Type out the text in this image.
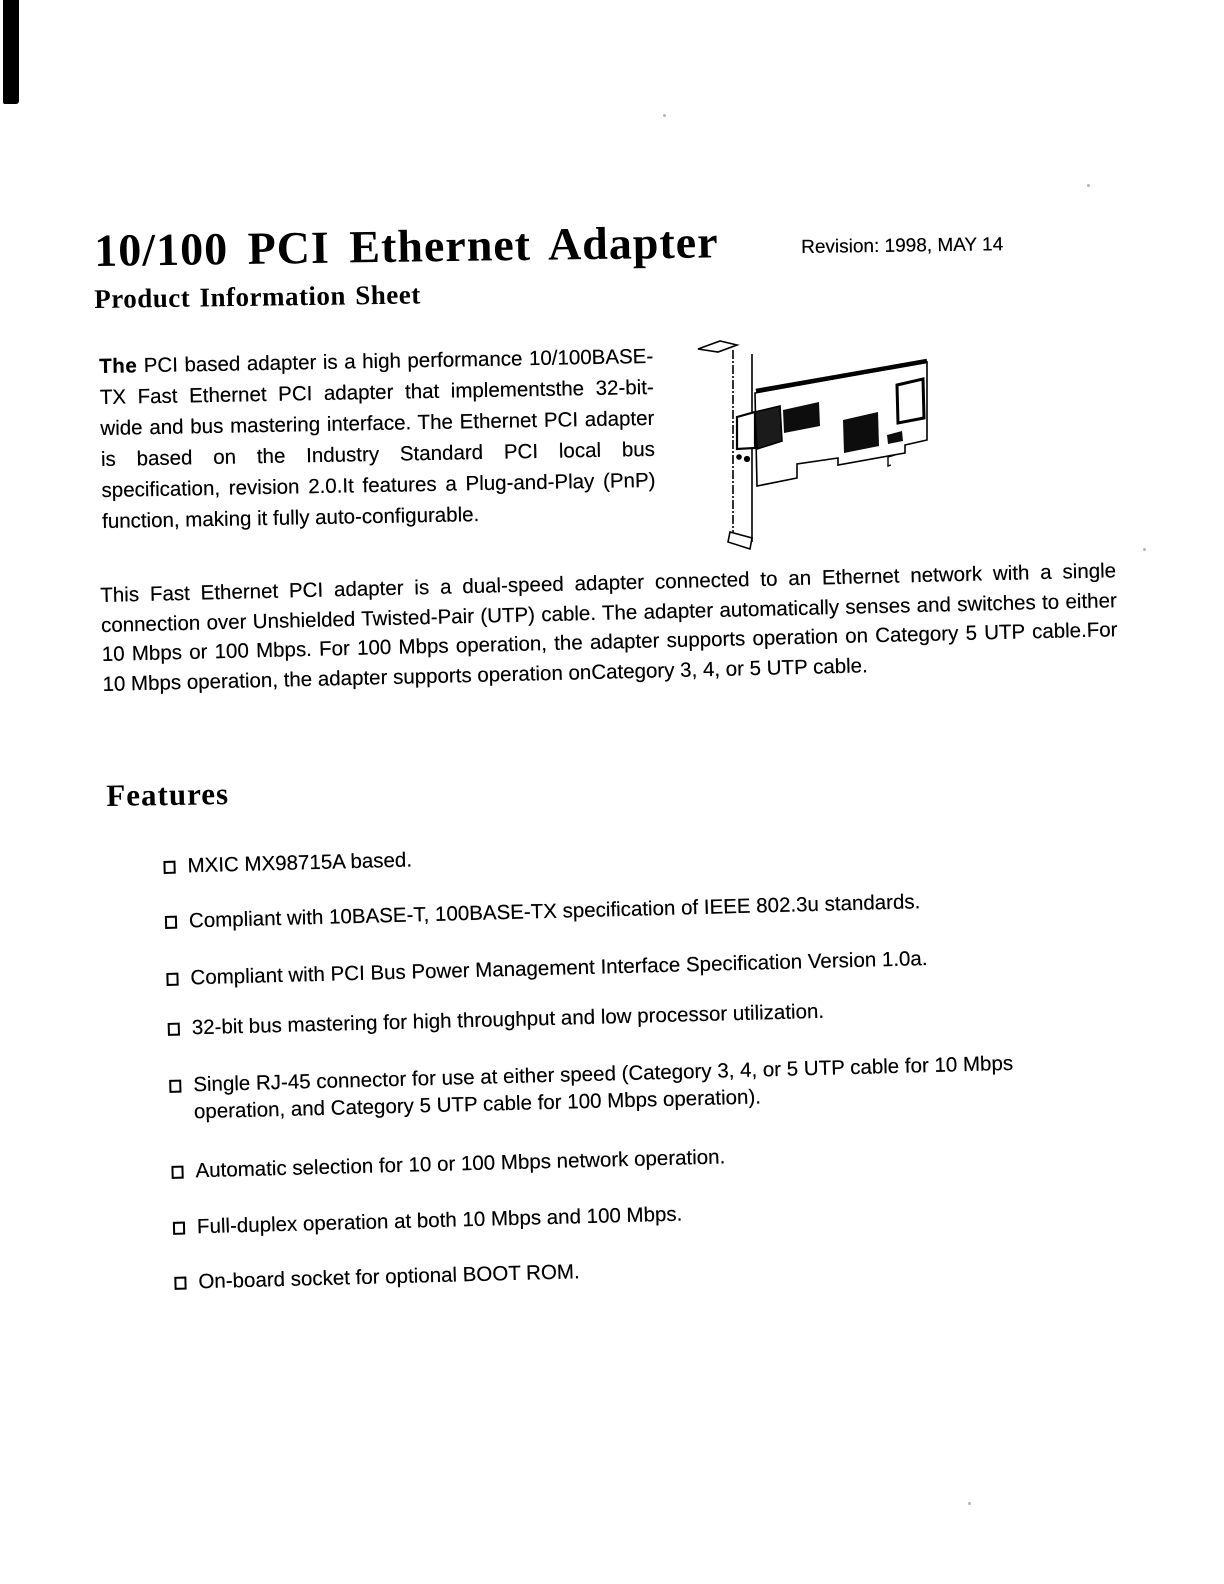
10/100 PCI Ethernet Adapter	Revision: 1998, MAY 14
Product Information Sheet
The PCI based adapter is a high performance 10/100BASE-TX Fast Ethernet PCI adapter that implementsthe 32-bit-wide and bus mastering interface. The Ethernet PCI adapter is based on the Industry Standard PCI local bus specification, revision 2.0.It features a Plug-and-Play (PnP) function, making it fully auto-configurable.
This Fast Ethernet PCI adapter is a dual-speed adapter connected to an Ethernet network with a single connection over Unshielded Twisted-Pair (UTP) cable. The adapter automatically senses and switches to either 10 Mbps or 100 Mbps. For 100 Mbps operation, the adapter supports operation on Category 5 UTP cable.For 10 Mbps operation, the adapter supports operation onCategory 3, 4, or 5 UTP cable.
Features
MXIC MX98715A based.
Compliant with 10BASE-T, 100BASE-TX specification of IEEE 802.3u standards.
Compliant with PCI Bus Power Management Interface Specification Version 1.0a.
32-bit bus mastering for high throughput and low processor utilization.
Single RJ-45 connector for use at either speed (Category 3, 4, or 5 UTP cable for 10 Mbps operation, and Category 5 UTP cable for 100 Mbps operation).
Automatic selection for 10 or 100 Mbps network operation.
Full-duplex operation at both 10 Mbps and 100 Mbps.
On-board socket for optional BOOT ROM.
